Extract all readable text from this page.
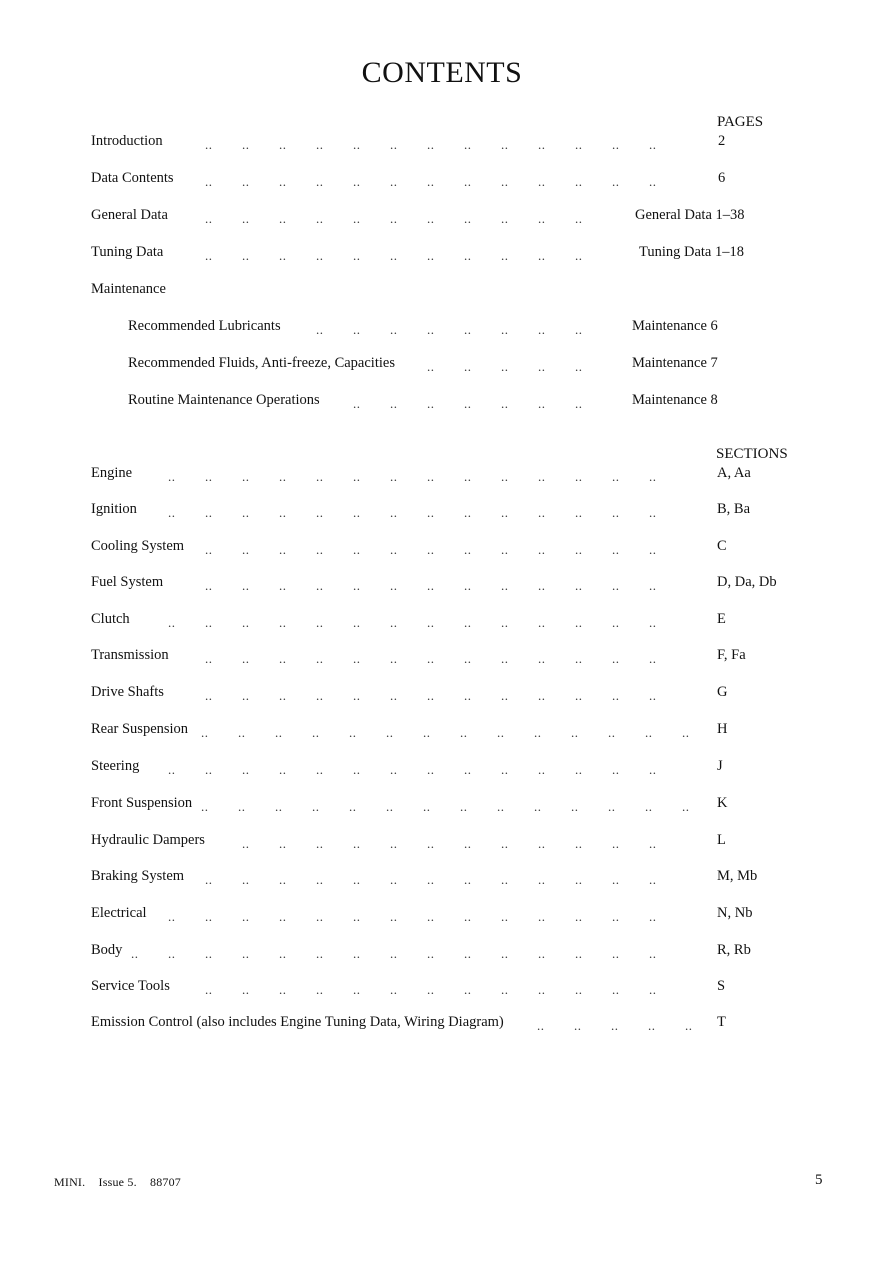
CONTENTS
PAGES
.. .. .. .. .. .. .. .. .. .. .. .. ..
Introduction	2
.. .. .. .. .. .. .. .. .. .. .. .. ..
Data Contents	6
.. .. .. .. .. .. .. .. .. .. ..
General Data	General Data 1–38
.. .. .. .. .. .. .. .. .. .. ..
Tuning Data	Tuning Data 1–18
Maintenance
.. .. .. .. .. .. .. ..
Recommended Lubricants	Maintenance 6
.. .. .. .. ..
Recommended Fluids, Anti-freeze, Capacities	Maintenance 7
.. .. .. .. .. .. ..
Routine Maintenance Operations	Maintenance 8
SECTIONS
.. .. .. .. .. .. .. .. .. .. .. .. .. ..
Engine	A, Aa
.. .. .. .. .. .. .. .. .. .. .. .. .. ..
Ignition	B, Ba
.. .. .. .. .. .. .. .. .. .. .. .. ..
Cooling System	C
.. .. .. .. .. .. .. .. .. .. .. .. ..
Fuel System	D, Da, Db
.. .. .. .. .. .. .. .. .. .. .. .. .. ..
Clutch	E
.. .. .. .. .. .. .. .. .. .. .. .. ..
Transmission	F, Fa
.. .. .. .. .. .. .. .. .. .. .. .. ..
Drive Shafts	G
.. .. .. .. .. .. .. .. .. .. .. .. .. ..
Rear Suspension	H
.. .. .. .. .. .. .. .. .. .. .. .. .. ..
Steering	J
.. .. .. .. .. .. .. .. .. .. .. .. .. ..
Front Suspension	K
.. .. .. .. .. .. .. .. .. .. .. ..
Hydraulic Dampers	L
.. .. .. .. .. .. .. .. .. .. .. .. ..
Braking System	M, Mb
.. .. .. .. .. .. .. .. .. .. .. .. .. ..
Electrical	N, Nb
.. .. .. .. .. .. .. .. .. .. .. .. .. .. ..
Body	R, Rb
.. .. .. .. .. .. .. .. .. .. .. .. ..
Service Tools	S
.. .. .. .. ..
Emission Control (also includes Engine Tuning Data, Wiring Diagram)	T
MINI. Issue 5. 88707	5
